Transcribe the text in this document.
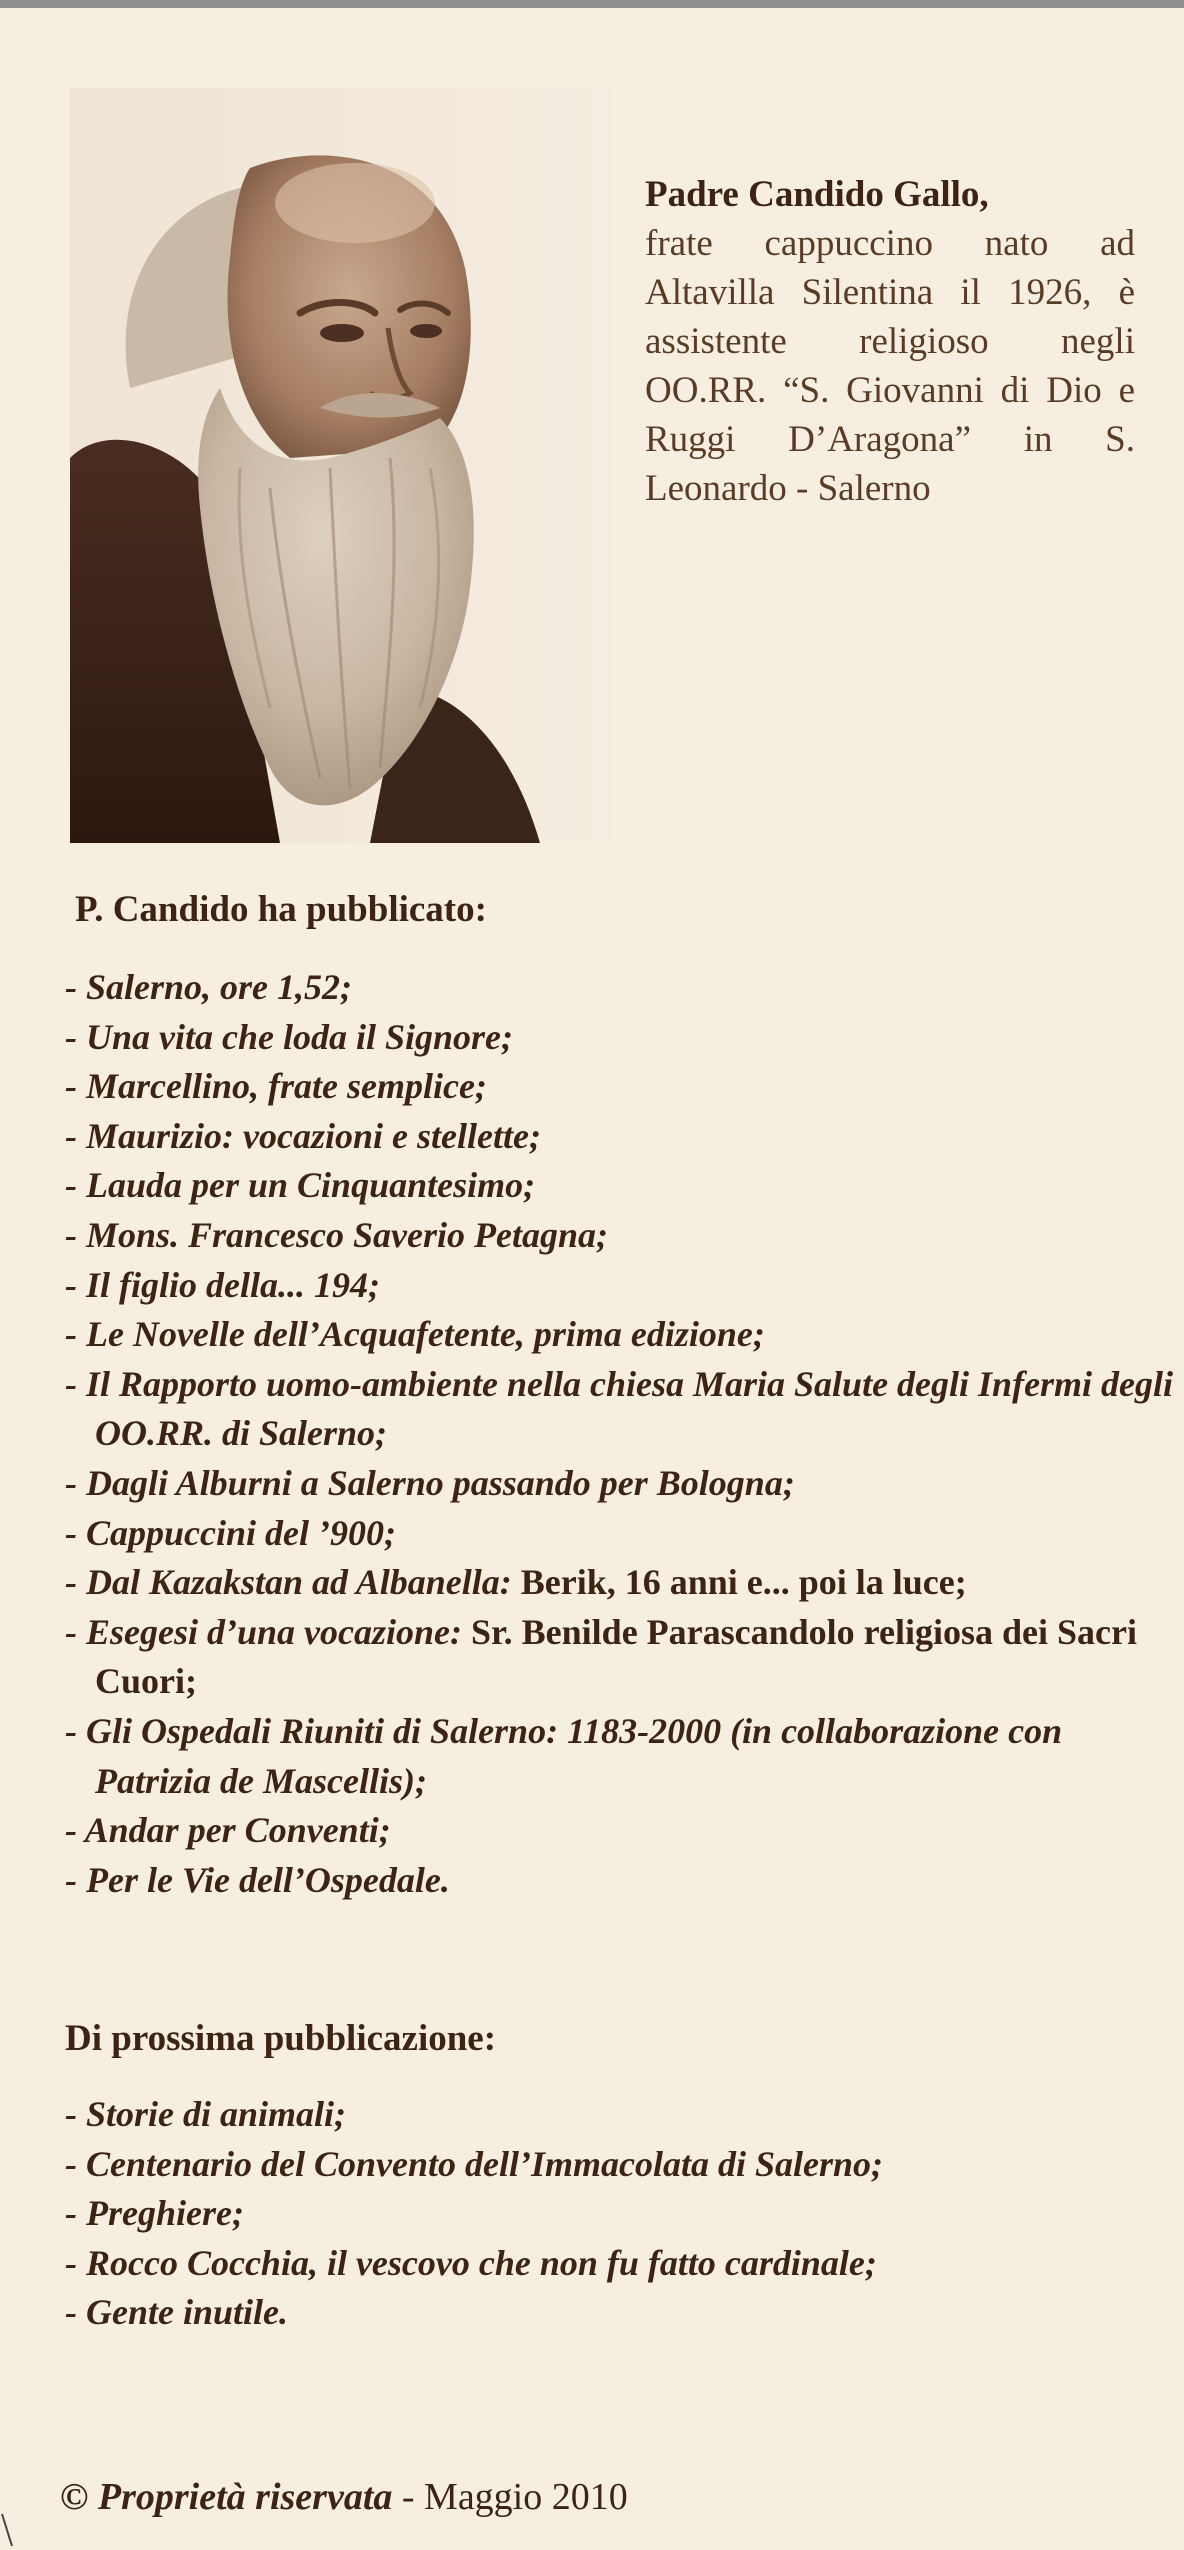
Padre Candido Gallo,
frate cappuccino nato ad Altavilla Silentina il 1926, è assistente religioso negli OO.RR. “S. Giovanni di Dio e Ruggi D’Aragona” in S. Leonardo - Salerno
P. Candido ha pubblicato:
- Salerno, ore 1,52;
- Una vita che loda il Signore;
- Marcellino, frate semplice;
- Maurizio: vocazioni e stellette;
- Lauda per un Cinquantesimo;
- Mons. Francesco Saverio Petagna;
- Il figlio della... 194;
- Le Novelle dell’Acquafetente, prima edizione;
- Il Rapporto uomo-ambiente nella chiesa Maria Salute degli Infermi degli OO.RR. di Salerno;
- Dagli Alburni a Salerno passando per Bologna;
- Cappuccini del ’900;
- Dal Kazakstan ad Albanella: Berik, 16 anni e... poi la luce;
- Esegesi d’una vocazione: Sr. Benilde Parascandolo religiosa dei Sacri Cuori;
- Gli Ospedali Riuniti di Salerno: 1183-2000 (in collaborazione con Patrizia de Mascellis);
- Andar per Conventi;
- Per le Vie dell’Ospedale.
Di prossima pubblicazione:
- Storie di animali;
- Centenario del Convento dell’Immacolata di Salerno;
- Preghiere;
- Rocco Cocchia, il vescovo che non fu fatto cardinale;
- Gente inutile.
© Proprietà riservata - Maggio 2010
